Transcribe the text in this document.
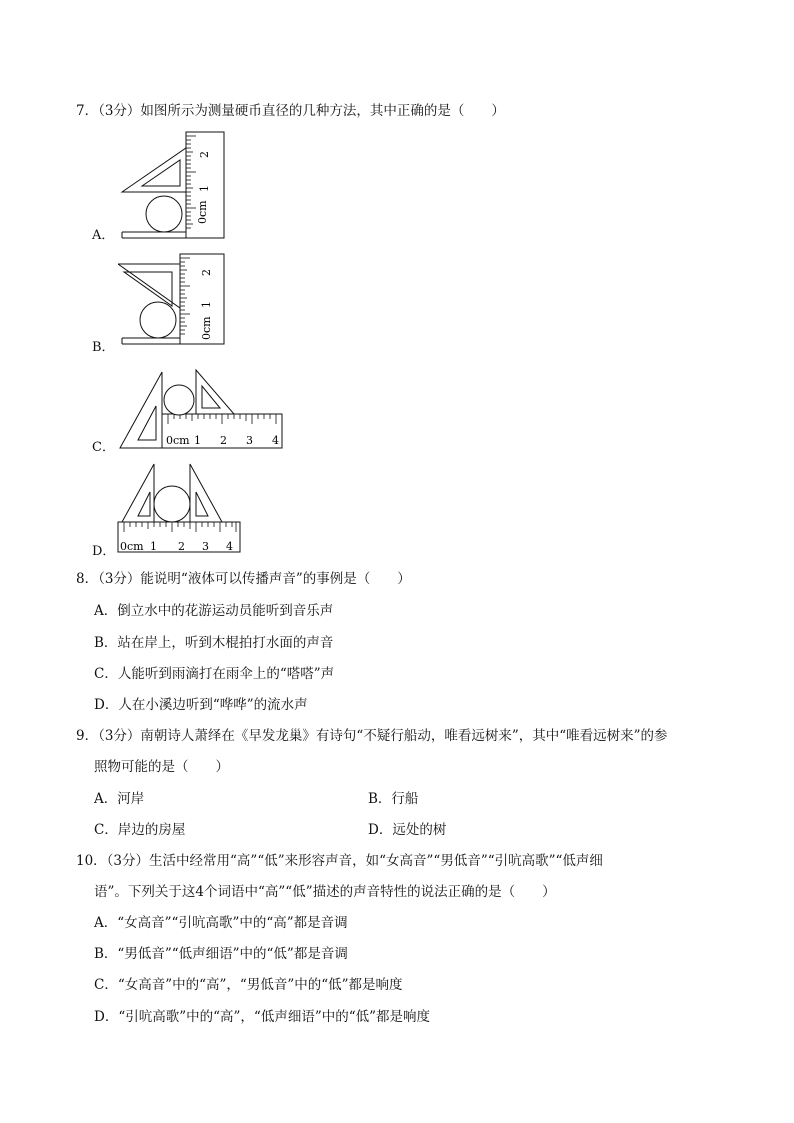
7．（3分）如图所示为测量硬币直径的几种方法，其中正确的是（　　）
0cm
1
2
A．
0cm
1
2
B．
0cm 1 2 3 4
C．
0cm 1 2 3 4
D．
8．（3分）能说明“液体可以传播声音”的事例是（　　）
A．倒立水中的花游运动员能听到音乐声
B．站在岸上，听到木棍拍打水面的声音
C．人能听到雨滴打在雨伞上的“嗒嗒”声
D．人在小溪边听到“哗哗”的流水声
9．（3分）南朝诗人萧绎在《早发龙巢》有诗句“不疑行船动，唯看远树来”，其中“唯看远树来”的参
照物可能的是（　　）
A．河岸	B．行船
C．岸边的房屋	D．远处的树
10．（3分）生活中经常用“高”“低”来形容声音，如“女高音”“男低音”“引吭高歌”“低声细
语”。下列关于这4个词语中“高”“低”描述的声音特性的说法正确的是（　　）
A．“女高音”“引吭高歌”中的“高”都是音调
B．“男低音”“低声细语”中的“低”都是音调
C．“女高音”中的“高”，“男低音”中的“低”都是响度
D．“引吭高歌”中的“高”，“低声细语”中的“低”都是响度
